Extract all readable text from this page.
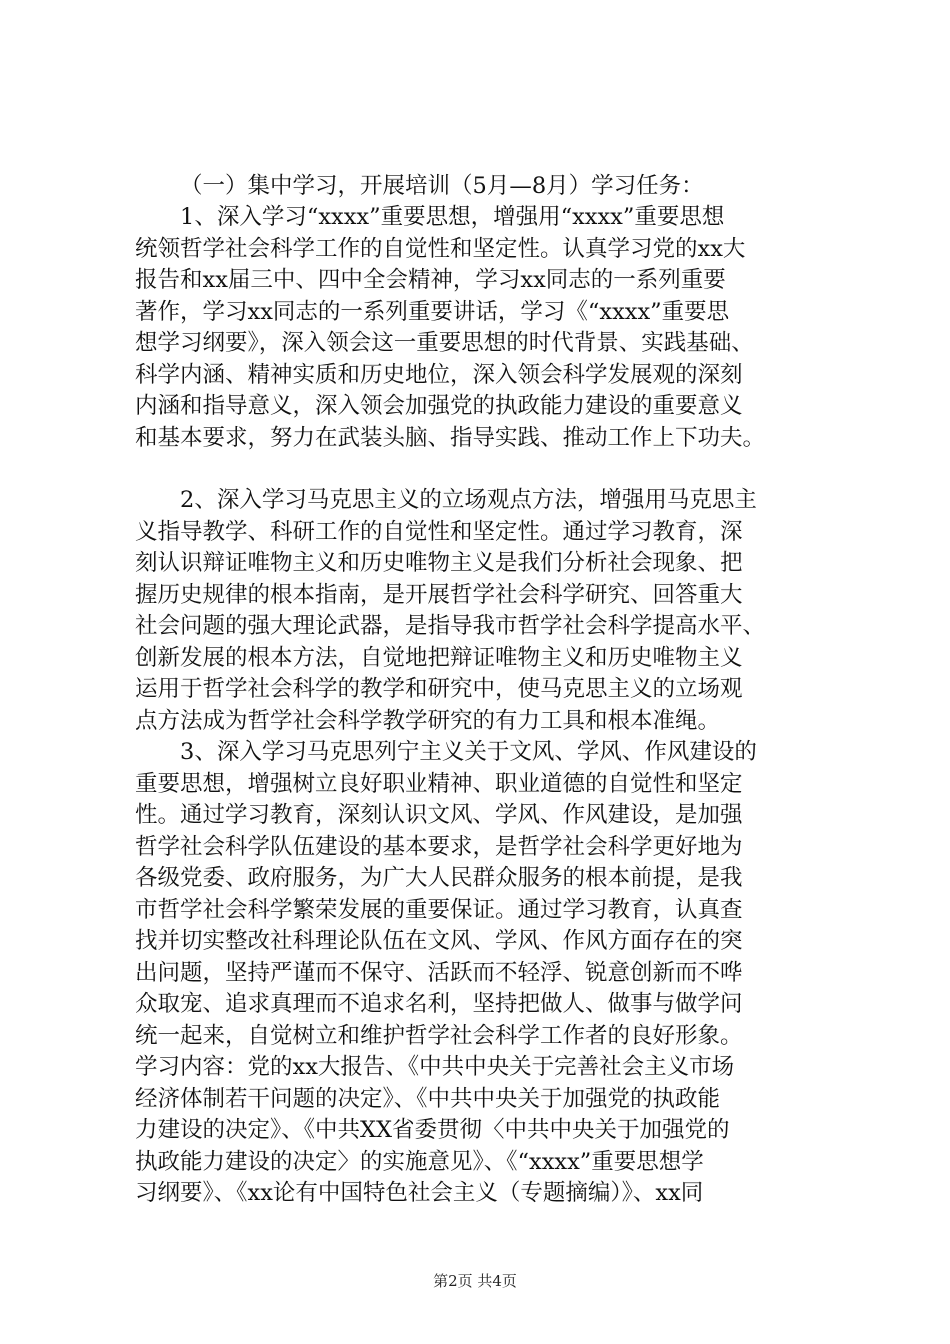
（一）集中学习，开展培训（5月—8月）学习任务：
1、深入学习“xxxx”重要思想，增强用“xxxx”重要思想
统领哲学社会科学工作的自觉性和坚定性。认真学习党的xx大
报告和xx届三中、四中全会精神，学习xx同志的一系列重要
著作，学习xx同志的一系列重要讲话，学习《“xxxx”重要思
想学习纲要》，深入领会这一重要思想的时代背景、实践基础、
科学内涵、精神实质和历史地位，深入领会科学发展观的深刻
内涵和指导意义，深入领会加强党的执政能力建设的重要意义
和基本要求，努力在武装头脑、指导实践、推动工作上下功夫。
2、深入学习马克思主义的立场观点方法，增强用马克思主
义指导教学、科研工作的自觉性和坚定性。通过学习教育，深
刻认识辩证唯物主义和历史唯物主义是我们分析社会现象、把
握历史规律的根本指南，是开展哲学社会科学研究、回答重大
社会问题的强大理论武器，是指导我市哲学社会科学提高水平、
创新发展的根本方法，自觉地把辩证唯物主义和历史唯物主义
运用于哲学社会科学的教学和研究中，使马克思主义的立场观
点方法成为哲学社会科学教学研究的有力工具和根本准绳。
3、深入学习马克思列宁主义关于文风、学风、作风建设的
重要思想，增强树立良好职业精神、职业道德的自觉性和坚定
性。通过学习教育，深刻认识文风、学风、作风建设，是加强
哲学社会科学队伍建设的基本要求，是哲学社会科学更好地为
各级党委、政府服务，为广大人民群众服务的根本前提，是我
市哲学社会科学繁荣发展的重要保证。通过学习教育，认真查
找并切实整改社科理论队伍在文风、学风、作风方面存在的突
出问题，坚持严谨而不保守、活跃而不轻浮、锐意创新而不哗
众取宠、追求真理而不追求名利，坚持把做人、做事与做学问
统一起来，自觉树立和维护哲学社会科学工作者的良好形象。
学习内容：党的xx大报告、《中共中央关于完善社会主义市场
经济体制若干问题的决定》、《中共中央关于加强党的执政能
力建设的决定》、《中共XX省委贯彻〈中共中央关于加强党的
执政能力建设的决定〉的实施意见》、《“xxxx”重要思想学
习纲要》、《xx论有中国特色社会主义（专题摘编）》、xx同
第2页 共4页
